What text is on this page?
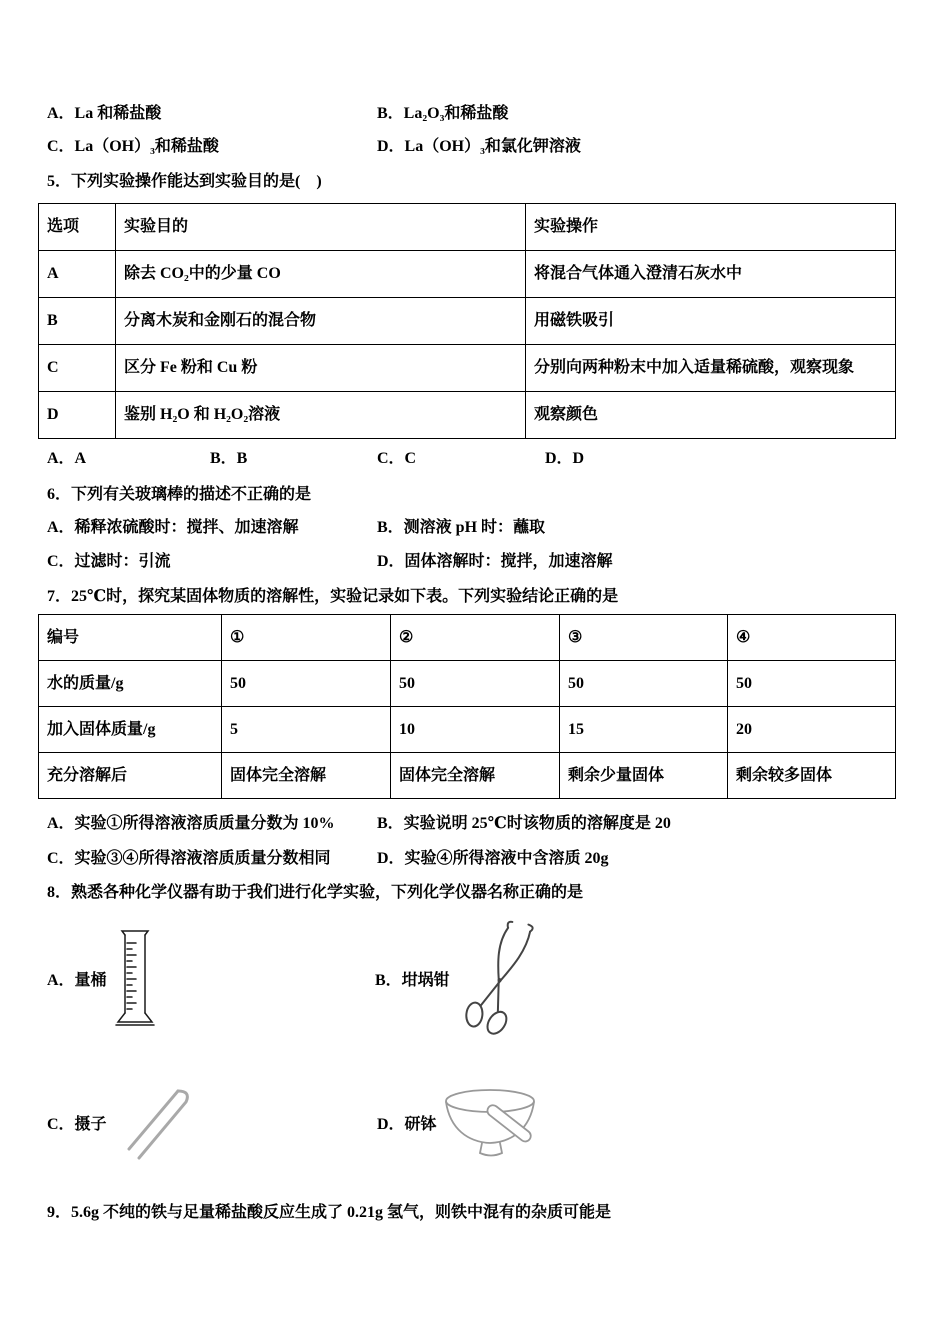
A．La 和稀盐酸	B．La₂O₃和稀盐酸
C．La（OH）₃和稀盐酸	D．La（OH）₃和氯化钾溶液
5．下列实验操作能达到实验目的是(　)
选项	实验目的	实验操作
A	除去 CO₂中的少量 CO	将混合气体通入澄清石灰水中
B	分离木炭和金刚石的混合物	用磁铁吸引
C	区分 Fe 粉和 Cu 粉	分别向两种粉末中加入适量稀硫酸，观察现象
D	鉴别 H₂O 和 H₂O₂溶液	观察颜色
A．A	B．B	C．C	D．D
6．下列有关玻璃棒的描述不正确的是
A．稀释浓硫酸时：搅拌、加速溶解	B．测溶液 pH 时：蘸取
C．过滤时：引流	D．固体溶解时：搅拌，加速溶解
7．25℃时，探究某固体物质的溶解性，实验记录如下表。下列实验结论正确的是
编号	①	②	③	④
水的质量/g	50	50	50	50
加入固体质量/g	5	10	15	20
充分溶解后	固体完全溶解	固体完全溶解	剩余少量固体	剩余较多固体
A．实验①所得溶液溶质质量分数为 10%	B．实验说明 25℃时该物质的溶解度是 20
C．实验③④所得溶液溶质质量分数相同	D．实验④所得溶液中含溶质 20g
8．熟悉各种化学仪器有助于我们进行化学实验，下列化学仪器名称正确的是
A．量桶	B．坩埚钳
C．摄子	D．研钵
9．5.6g 不纯的铁与足量稀盐酸反应生成了 0.21g 氢气，则铁中混有的杂质可能是
